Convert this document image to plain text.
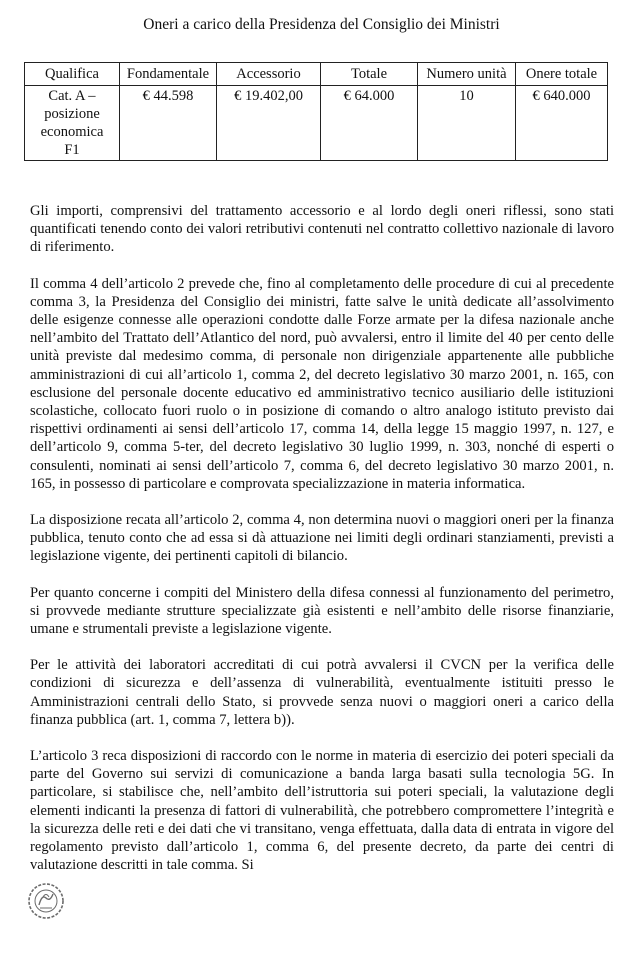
Oneri a carico della Presidenza del Consiglio dei Ministri
Qualifica	Fondamentale	Accessorio	Totale	Numero unità	Onere totale

Cat. A –
posizione
economica
F1	€ 44.598	€ 19.402,00	€ 64.000	10	€ 640.000

Gli importi, comprensivi del trattamento accessorio e al lordo degli oneri riflessi, sono stati quantificati tenendo conto dei valori retributivi contenuti nel contratto collettivo nazionale di lavoro di riferimento.

Il comma 4 dell’articolo 2 prevede che, fino al completamento delle procedure di cui al precedente comma 3, la Presidenza del Consiglio dei ministri, fatte salve le unità dedicate all’assolvimento delle esigenze connesse alle operazioni condotte dalle Forze armate per la difesa nazionale anche nell’ambito del Trattato dell’Atlantico del nord, può avvalersi, entro il limite del 40 per cento delle unità previste dal medesimo comma, di personale non dirigenziale appartenente alle pubbliche amministrazioni di cui all’articolo 1, comma 2, del decreto legislativo 30 marzo 2001, n. 165, con esclusione del personale docente educativo ed amministrativo tecnico ausiliario delle istituzioni scolastiche, collocato fuori ruolo o in posizione di comando o altro analogo istituto previsto dai rispettivi ordinamenti ai sensi dell’articolo 17, comma 14, della legge 15 maggio 1997, n. 127, e dell’articolo 9, comma 5-ter, del decreto legislativo 30 luglio 1999, n. 303, nonché di esperti o consulenti, nominati ai sensi dell’articolo 7, comma 6, del decreto legislativo 30 marzo 2001, n. 165, in possesso di particolare e comprovata specializzazione in materia informatica.

La disposizione recata all’articolo 2, comma 4, non determina nuovi o maggiori oneri per la finanza pubblica, tenuto conto che ad essa si dà attuazione nei limiti degli ordinari stanziamenti, previsti a legislazione vigente, dei pertinenti capitoli di bilancio.

Per quanto concerne i compiti del Ministero della difesa connessi al funzionamento del perimetro, si provvede mediante strutture specializzate già esistenti e nell’ambito delle risorse finanziarie, umane e strumentali previste a legislazione vigente.

Per le attività dei laboratori accreditati di cui potrà avvalersi il CVCN per la verifica delle condizioni di sicurezza e dell’assenza di vulnerabilità, eventualmente istituiti presso le Amministrazioni centrali dello Stato, si provvede senza nuovi o maggiori oneri a carico della finanza pubblica (art. 1, comma 7, lettera b)).

L’articolo 3 reca disposizioni di raccordo con le norme in materia di esercizio dei poteri speciali da parte del Governo sui servizi di comunicazione a banda larga basati sulla tecnologia 5G. In particolare, si stabilisce che, nell’ambito dell’istruttoria sui poteri speciali, la valutazione degli elementi indicanti la presenza di fattori di vulnerabilità, che potrebbero compromettere l’integrità e la sicurezza delle reti e dei dati che vi transitano, venga effettuata, dalla data di entrata in vigore del regolamento previsto dall’articolo 1, comma 6, del presente decreto, da parte dei centri di valutazione descritti in tale comma. Si
